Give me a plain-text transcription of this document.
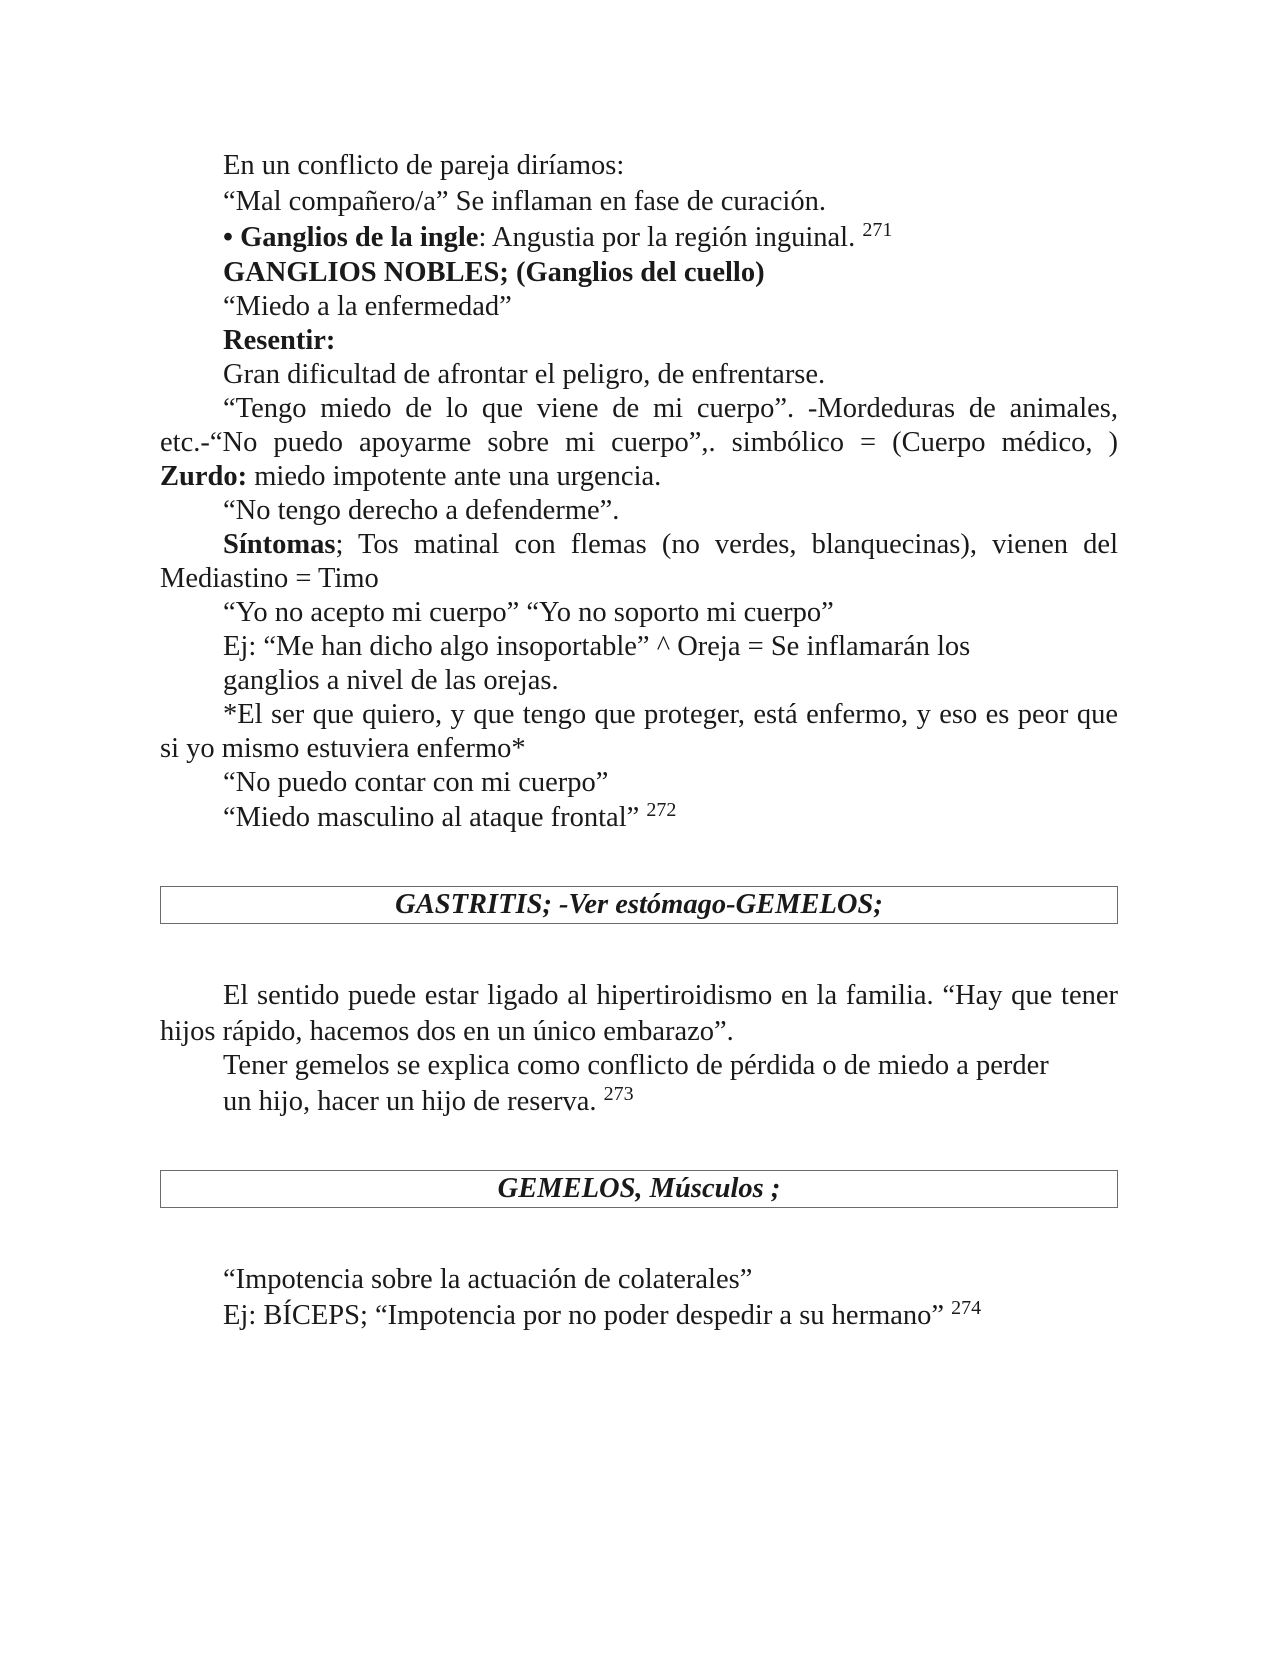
En un conflicto de pareja diríamos:

“Mal compañero/a” Se inflaman en fase de curación.

• Ganglios de la ingle: Angustia por la región inguinal. $^{271}$

GANGLIOS NOBLES; (Ganglios del cuello)

“Miedo a la enfermedad”

Resentir:

Gran dificultad de afrontar el peligro, de enfrentarse.

“Tengo miedo de lo que viene de mi cuerpo”. -Mordeduras de animales, etc.-“No puedo apoyarme sobre mi cuerpo”,. simbólico = (Cuerpo médico, ) Zurdo: miedo impotente ante una urgencia.

“No tengo derecho a defenderme”.

Síntomas; Tos matinal con flemas (no verdes, blanquecinas), vienen del Mediastino = Timo

“Yo no acepto mi cuerpo” “Yo no soporto mi cuerpo”

Ej: “Me han dicho algo insoportable” ^ Oreja = Se inflamarán los

ganglios a nivel de las orejas.

*El ser que quiero, y que tengo que proteger, está enfermo, y eso es peor que si yo mismo estuviera enfermo*

“No puedo contar con mi cuerpo”

“Miedo masculino al ataque frontal” $^{272}$

GASTRITIS; -Ver estómago-GEMELOS;

El sentido puede estar ligado al hipertiroidismo en la familia. “Hay que tener hijos rápido, hacemos dos en un único embarazo”.

Tener gemelos se explica como conflicto de pérdida o de miedo a perder

un hijo, hacer un hijo de reserva. $^{273}$

GEMELOS, Músculos ;

“Impotencia sobre la actuación de colaterales”

Ej: BÍCEPS; “Impotencia por no poder despedir a su hermano” $^{274}$
